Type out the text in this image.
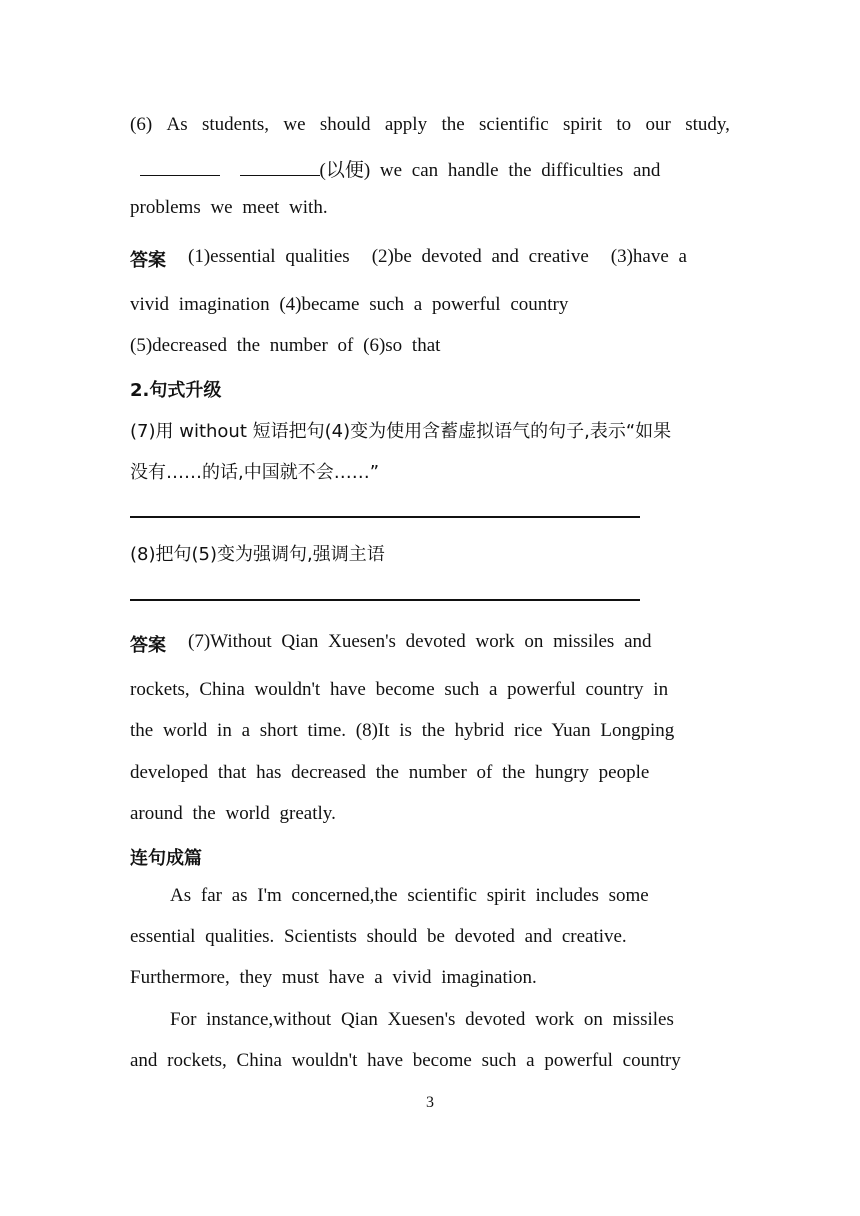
(6) As students, we should apply the scientific spirit to our study,
(以便) we can handle the difficulties and
problems we meet with.
答案 (1)essential qualities (2)be devoted and creative (3)have a
vivid imagination (4)became such a powerful country
(5)decreased the number of (6)so that
2.句式升级
(7)用 without 短语把句(4)变为使用含蓄虚拟语气的句子,表示“如果
没有……的话,中国就不会……”
(8)把句(5)变为强调句,强调主语
答案 (7)Without Qian Xuesen's devoted work on missiles and
rockets, China wouldn't have become such a powerful country in
the world in a short time. (8)It is the hybrid rice Yuan Longping
developed that has decreased the number of the hungry people
around the world greatly.
连句成篇
As far as I'm concerned,the scientific spirit includes some
essential qualities. Scientists should be devoted and creative.
Furthermore, they must have a vivid imagination.
For instance,without Qian Xuesen's devoted work on missiles
and rockets, China wouldn't have become such a powerful country
3
